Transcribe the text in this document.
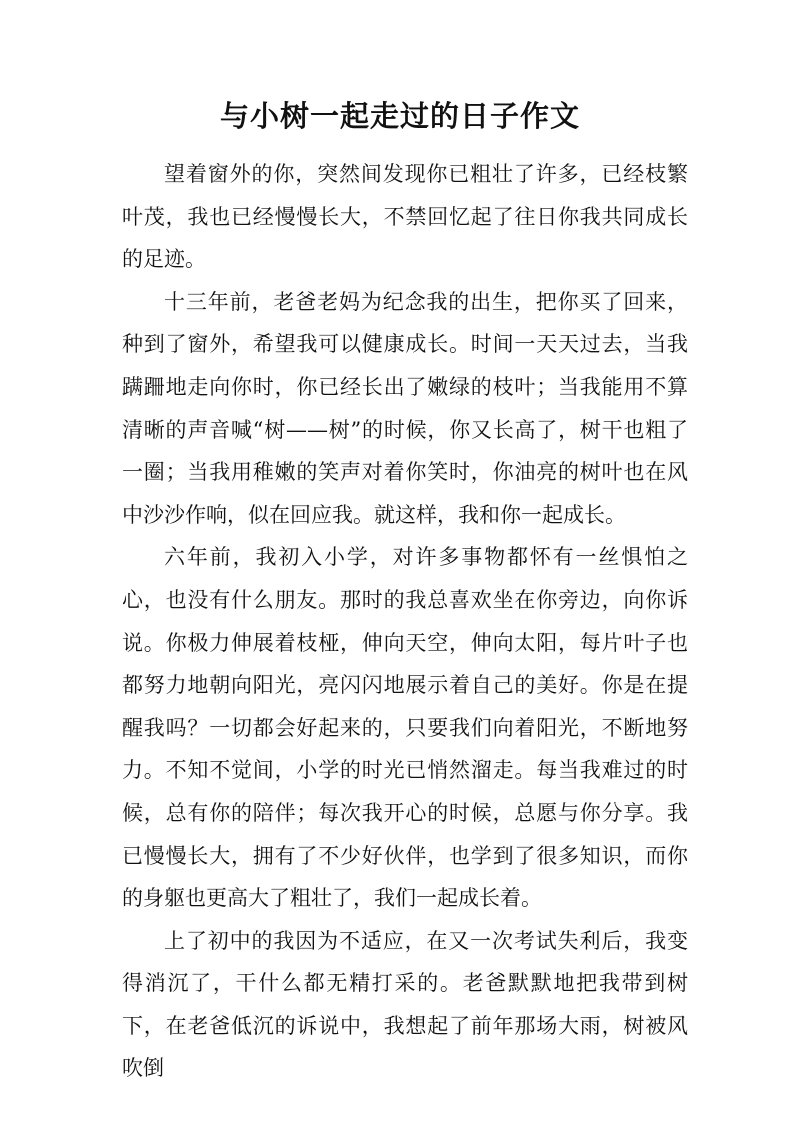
与小树一起走过的日子作文

望着窗外的你，突然间发现你已粗壮了许多，已经枝繁叶茂，我也已经慢慢长大，不禁回忆起了往日你我共同成长的足迹。

十三年前，老爸老妈为纪念我的出生，把你买了回来，种到了窗外，希望我可以健康成长。时间一天天过去，当我蹒跚地走向你时，你已经长出了嫩绿的枝叶；当我能用不算清晰的声音喊“树——树”的时候，你又长高了，树干也粗了一圈；当我用稚嫩的笑声对着你笑时，你油亮的树叶也在风中沙沙作响，似在回应我。就这样，我和你一起成长。

六年前，我初入小学，对许多事物都怀有一丝惧怕之心，也没有什么朋友。那时的我总喜欢坐在你旁边，向你诉说。你极力伸展着枝桠，伸向天空，伸向太阳，每片叶子也都努力地朝向阳光，亮闪闪地展示着自己的美好。你是在提醒我吗？一切都会好起来的，只要我们向着阳光，不断地努力。不知不觉间，小学的时光已悄然溜走。每当我难过的时候，总有你的陪伴；每次我开心的时候，总愿与你分享。我已慢慢长大，拥有了不少好伙伴，也学到了很多知识，而你的身躯也更高大了粗壮了，我们一起成长着。

上了初中的我因为不适应，在又一次考试失利后，我变得消沉了，干什么都无精打采的。老爸默默地把我带到树下，在老爸低沉的诉说中，我想起了前年那场大雨，树被风吹倒
